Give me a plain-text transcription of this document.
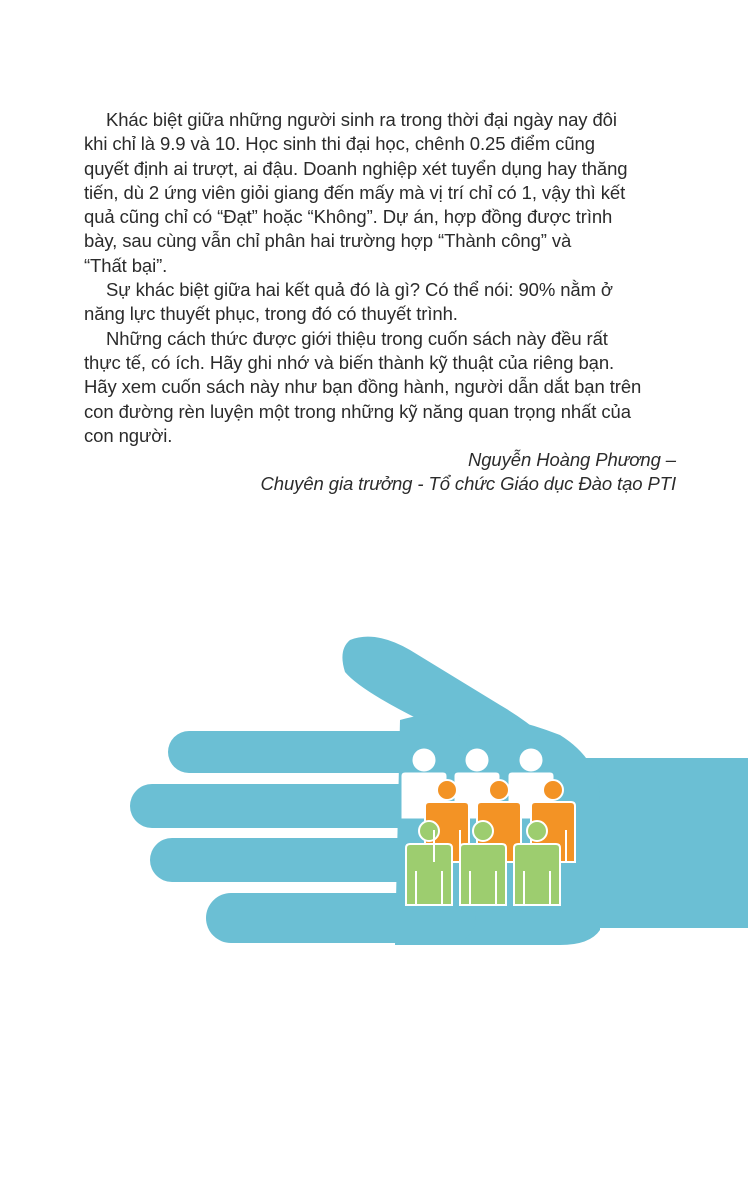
Khác biệt giữa những người sinh ra trong thời đại ngày nay đôi
khi chỉ là 9.9 và 10. Học sinh thi đại học, chênh 0.25 điểm cũng
quyết định ai trượt, ai đậu. Doanh nghiệp xét tuyển dụng hay thăng
tiến, dù 2 ứng viên giỏi giang đến mấy mà vị trí chỉ có 1, vậy thì kết
quả cũng chỉ có “Đạt” hoặc “Không”. Dự án, hợp đồng được trình
bày, sau cùng vẫn chỉ phân hai trường hợp “Thành công” và
“Thất bại”.

Sự khác biệt giữa hai kết quả đó là gì? Có thể nói: 90% nằm ở
năng lực thuyết phục, trong đó có thuyết trình.

Những cách thức được giới thiệu trong cuốn sách này đều rất
thực tế, có ích. Hãy ghi nhớ và biến thành kỹ thuật của riêng bạn.
Hãy xem cuốn sách này như bạn đồng hành, người dẫn dắt bạn trên
con đường rèn luyện một trong những kỹ năng quan trọng nhất của
con người.

Nguyễn Hoàng Phương –

Chuyên gia trưởng - Tổ chức Giáo dục Đào tạo PTI
